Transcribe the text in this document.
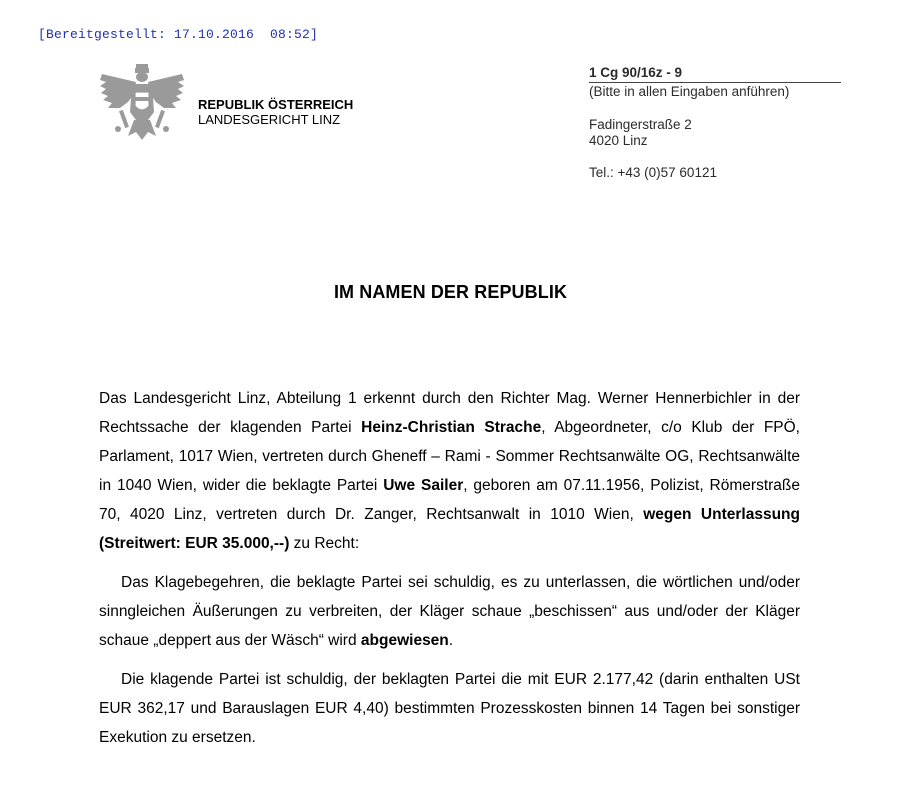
[Bereitgestellt: 17.10.2016  08:52]
REPUBLIK ÖSTERREICH
LANDESGERICHT LINZ
1 Cg 90/16z - 9
(Bitte in allen Eingaben anführen)
Fadingerstraße 2
4020 Linz
Tel.: +43 (0)57 60121
IM NAMEN DER REPUBLIK

Das Landesgericht Linz, Abteilung 1 erkennt durch den Richter Mag. Werner Hennerbichler in der Rechtssache der klagenden Partei Heinz-Christian Strache, Abgeordneter, c/o Klub der FPÖ, Parlament, 1017 Wien, vertreten durch Gheneff – Rami - Sommer Rechtsanwälte OG, Rechtsanwälte in 1040 Wien, wider die beklagte Partei Uwe Sailer, geboren am 07.11.1956, Polizist, Römerstraße 70, 4020 Linz, vertreten durch Dr. Zanger, Rechtsanwalt in 1010 Wien, wegen Unterlassung (Streitwert: EUR 35.000,--) zu Recht:

Das Klagebegehren, die beklagte Partei sei schuldig, es zu unterlassen, die wörtlichen und/oder sinngleichen Äußerungen zu verbreiten, der Kläger schaue „beschissen“ aus und/oder der Kläger schaue „deppert aus der Wäsch“ wird abgewiesen.

Die klagende Partei ist schuldig, der beklagten Partei die mit EUR 2.177,42 (darin enthalten USt EUR 362,17 und Barauslagen EUR 4,40) bestimmten Prozesskosten binnen 14 Tagen bei sonstiger Exekution zu ersetzen.
